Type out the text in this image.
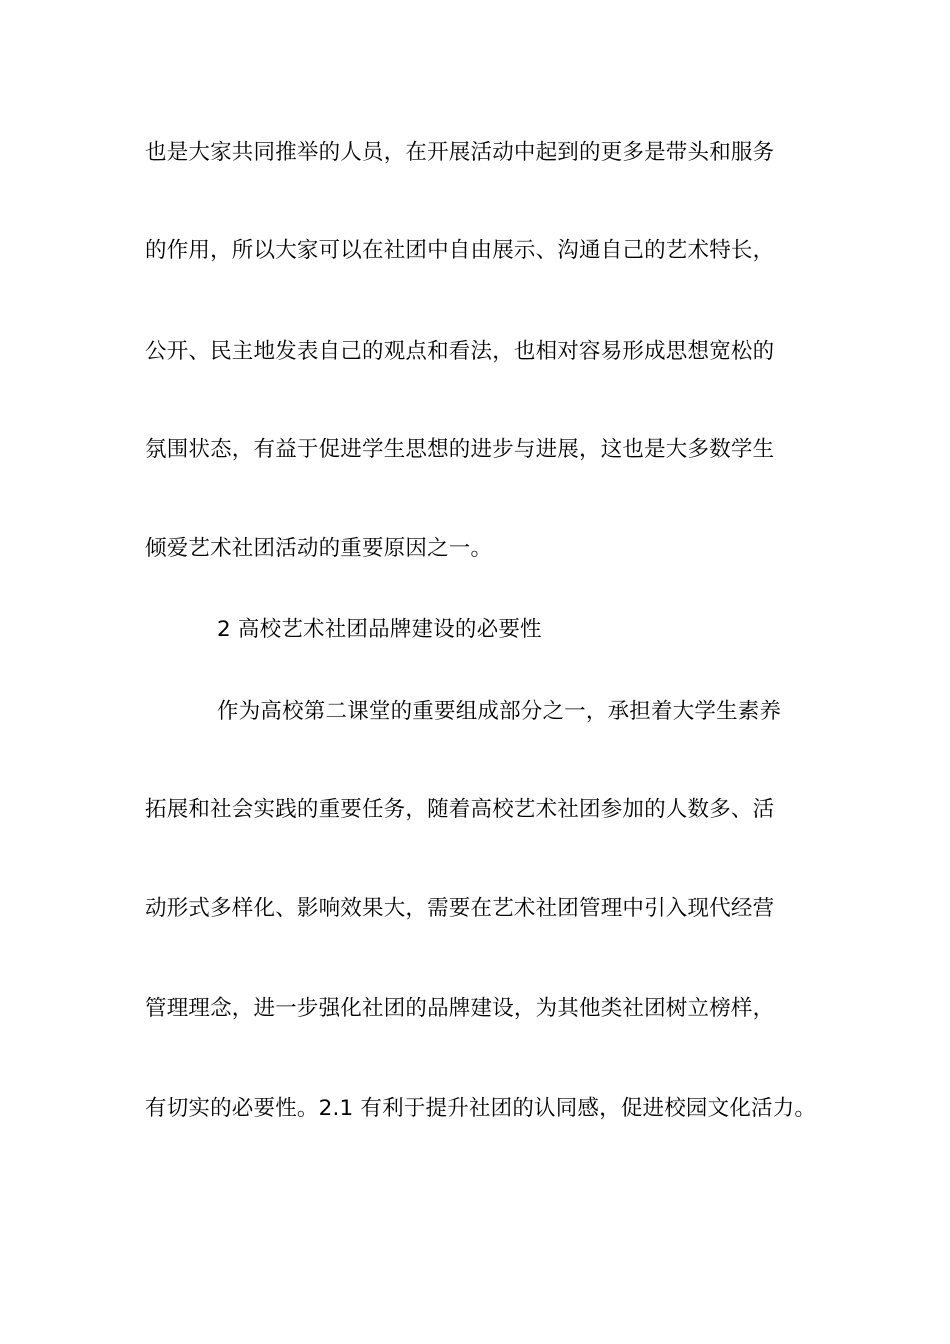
也是大家共同推举的人员，在开展活动中起到的更多是带头和服务
的作用，所以大家可以在社团中自由展示、沟通自己的艺术特长，
公开、民主地发表自己的观点和看法，也相对容易形成思想宽松的
氛围状态，有益于促进学生思想的进步与进展，这也是大多数学生
倾爱艺术社团活动的重要原因之一。
2 高校艺术社团品牌建设的必要性
作为高校第二课堂的重要组成部分之一，承担着大学生素养
拓展和社会实践的重要任务，随着高校艺术社团参加的人数多、活
动形式多样化、影响效果大，需要在艺术社团管理中引入现代经营
管理理念，进一步强化社团的品牌建设，为其他类社团树立榜样，
有切实的必要性。2.1 有利于提升社团的认同感，促进校园文化活力。
